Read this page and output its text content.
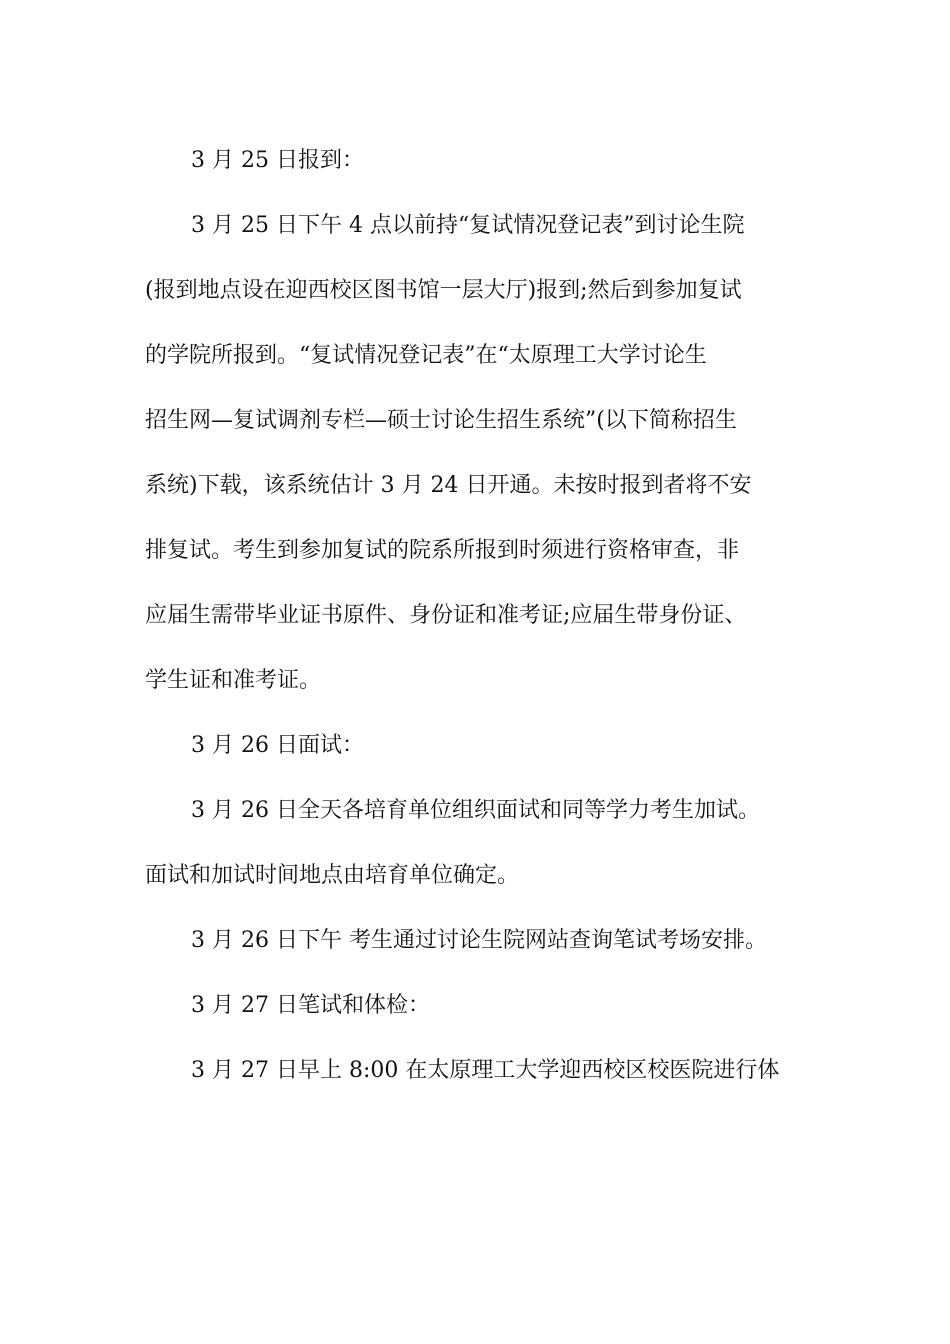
3 月 25 日报到：

3 月 25 日下午 4 点以前持“复试情况登记表”到讨论生院
(报到地点设在迎西校区图书馆一层大厅)报到;然后到参加复试
的学院所报到。“复试情况登记表”在“太原理工大学讨论生
招生网—复试调剂专栏—硕士讨论生招生系统”(以下简称招生
系统)下载，该系统估计 3 月 24 日开通。未按时报到者将不安
排复试。考生到参加复试的院系所报到时须进行资格审查，非
应届生需带毕业证书原件、身份证和准考证;应届生带身份证、
学生证和准考证。

3 月 26 日面试：

3 月 26 日全天各培育单位组织面试和同等学力考生加试。
面试和加试时间地点由培育单位确定。

3 月 26 日下午 考生通过讨论生院网站查询笔试考场安排。

3 月 27 日笔试和体检：

3 月 27 日早上 8:00 在太原理工大学迎西校区校医院进行体
